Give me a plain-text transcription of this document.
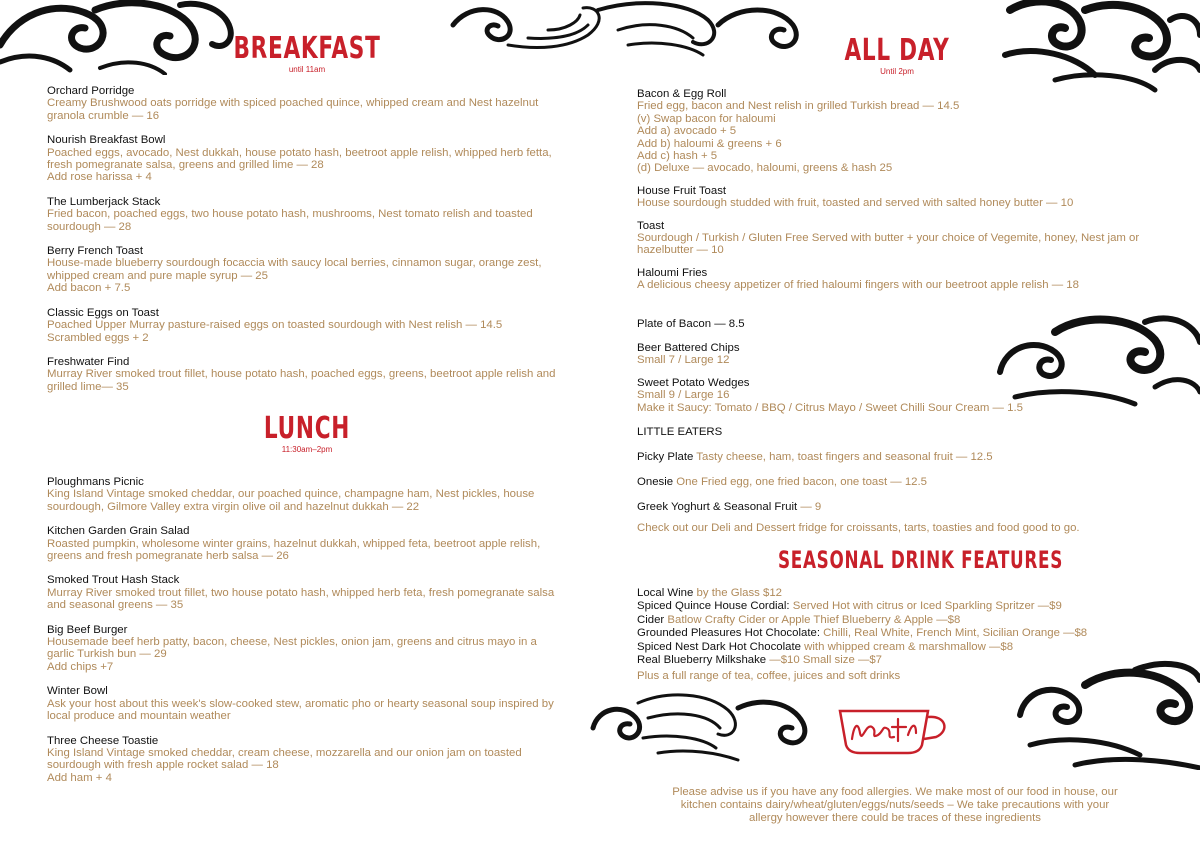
BREAKFAST
until 11am
Orchard Porridge
Creamy Brushwood oats porridge with spiced poached quince, whipped cream and Nest hazelnut granola crumble — 16
Nourish Breakfast Bowl
Poached eggs, avocado, Nest dukkah, house potato hash, beetroot apple relish, whipped herb fetta, fresh pomegranate salsa, greens and grilled lime — 28
Add rose harissa + 4
The Lumberjack Stack
Fried bacon, poached eggs, two house potato hash, mushrooms, Nest tomato relish and toasted sourdough — 28
Berry French Toast
House-made blueberry sourdough focaccia with saucy local berries, cinnamon sugar, orange zest, whipped cream and pure maple syrup — 25
Add bacon + 7.5
Classic Eggs on Toast
Poached Upper Murray pasture-raised eggs on toasted sourdough with Nest relish — 14.5
Scrambled eggs + 2
Freshwater Find
Murray River smoked trout fillet, house potato hash, poached eggs, greens, beetroot apple relish and grilled lime— 35
LUNCH
11:30am–2pm
Ploughmans Picnic
King Island Vintage smoked cheddar, our poached quince, champagne ham, Nest pickles, house sourdough, Gilmore Valley extra virgin olive oil and hazelnut dukkah — 22
Kitchen Garden Grain Salad
Roasted pumpkin, wholesome winter grains, hazelnut dukkah, whipped feta, beetroot apple relish, greens and fresh pomegranate herb salsa — 26
Smoked Trout Hash Stack
Murray River smoked trout fillet, two house potato hash, whipped herb feta, fresh pomegranate salsa and seasonal greens — 35
Big Beef Burger
Housemade beef herb patty, bacon, cheese, Nest pickles, onion jam, greens and citrus mayo in a garlic Turkish bun — 29
Add chips +7
Winter Bowl
Ask your host about this week's slow-cooked stew, aromatic pho or hearty seasonal soup inspired by local produce and mountain weather
Three Cheese Toastie
King Island Vintage smoked cheddar, cream cheese, mozzarella and our onion jam on toasted sourdough with fresh apple rocket salad — 18
Add ham + 4
ALL DAY
Until 2pm
Bacon & Egg Roll
Fried egg, bacon and Nest relish in grilled Turkish bread — 14.5
(v) Swap bacon for haloumi
Add a) avocado + 5
Add b) haloumi & greens + 6
Add c) hash + 5
(d) Deluxe — avocado, haloumi, greens & hash 25
House Fruit Toast
House sourdough studded with fruit, toasted and served with salted honey butter — 10
Toast
Sourdough / Turkish / Gluten Free Served with butter + your choice of Vegemite, honey, Nest jam or hazelbutter — 10
Haloumi Fries
A delicious cheesy appetizer of fried haloumi fingers with our beetroot apple relish — 18
Plate of Bacon — 8.5
Beer Battered Chips
Small 7 / Large 12
Sweet Potato Wedges
Small 9 / Large 16
Make it Saucy: Tomato / BBQ / Citrus Mayo / Sweet Chilli Sour Cream — 1.5
LITTLE EATERS
Picky Plate Tasty cheese, ham, toast fingers and seasonal fruit — 12.5
Onesie One Fried egg, one fried bacon, one toast — 12.5
Greek Yoghurt & Seasonal Fruit — 9
Check out our Deli and Dessert fridge for croissants, tarts, toasties and food good to go.
SEASONAL DRINK FEATURES
Local Wine by the Glass $12
Spiced Quince House Cordial: Served Hot with citrus or Iced Sparkling Spritzer —$9
Cider Batlow Crafty Cider or Apple Thief Blueberry & Apple —$8
Grounded Pleasures Hot Chocolate: Chilli, Real White, French Mint, Sicilian Orange —$8
Spiced Nest Dark Hot Chocolate with whipped cream & marshmallow —$8
Real Blueberry Milkshake —$10 Small size —$7
Plus a full range of tea, coffee, juices and soft drinks
Please advise us if you have any food allergies. We make most of our food in house, our
kitchen contains dairy/wheat/gluten/eggs/nuts/seeds – We take precautions with your
allergy however there could be traces of these ingredients
